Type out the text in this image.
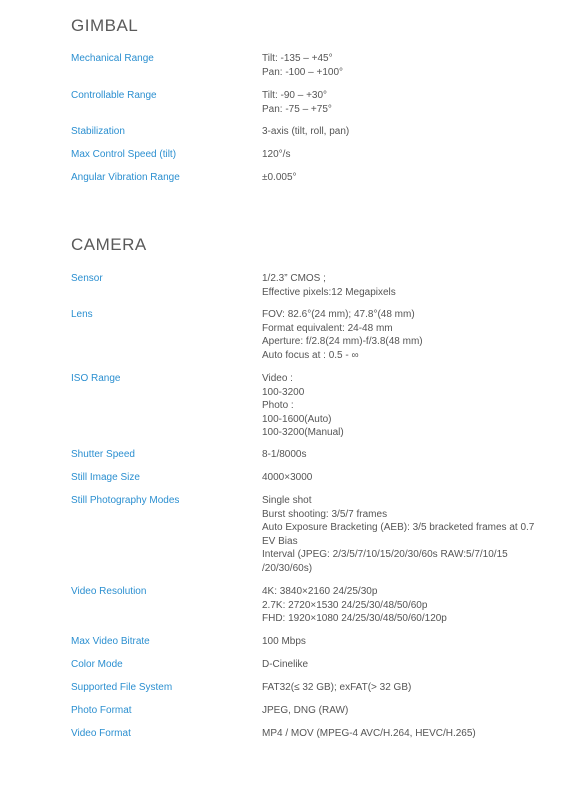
GIMBAL
Mechanical Range	Tilt: -135 – +45°
Pan: -100 – +100°
Controllable Range	Tilt: -90 – +30°
Pan: -75 – +75°
Stabilization	3-axis (tilt, roll, pan)
Max Control Speed (tilt)	120°/s
Angular Vibration Range	±0.005°
CAMERA
Sensor	1/2.3” CMOS ;
Effective pixels:12 Megapixels
Lens	FOV: 82.6°(24 mm); 47.8°(48 mm)
Format equivalent: 24-48 mm
Aperture: f/2.8(24 mm)-f/3.8(48 mm)
Auto focus at : 0.5 - ∞
ISO Range	Video :
100-3200
Photo :
100-1600(Auto)
100-3200(Manual)
Shutter Speed	8-1/8000s
Still Image Size	4000×3000
Still Photography Modes	Single shot
Burst shooting: 3/5/7 frames
Auto Exposure Bracketing (AEB): 3/5 bracketed frames at 0.7 EV Bias
Interval (JPEG: 2/3/5/7/10/15/20/30/60s RAW:5/7/10/15 /20/30/60s)
Video Resolution	4K: 3840×2160 24/25/30p
2.7K: 2720×1530 24/25/30/48/50/60p
FHD: 1920×1080 24/25/30/48/50/60/120p
Max Video Bitrate	100 Mbps
Color Mode	D-Cinelike
Supported File System	FAT32(≤ 32 GB); exFAT(> 32 GB)
Photo Format	JPEG, DNG (RAW)
Video Format	MP4 / MOV (MPEG-4 AVC/H.264, HEVC/H.265)
